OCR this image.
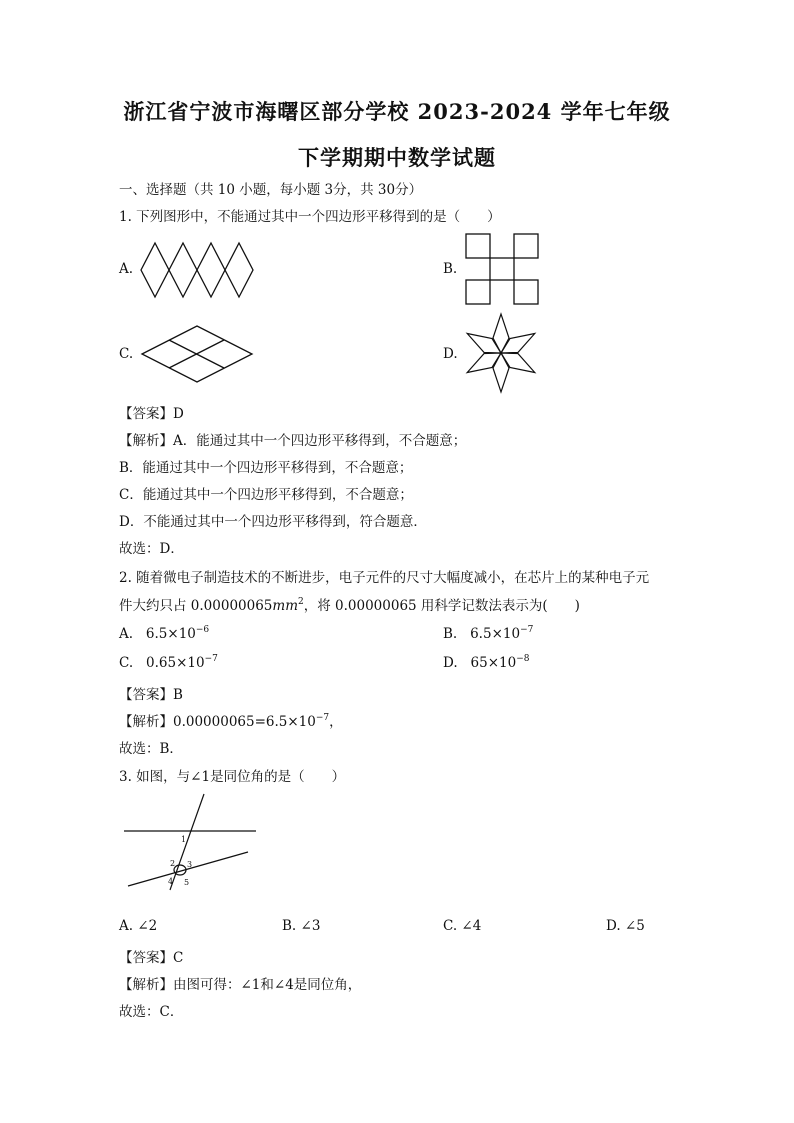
浙江省宁波市海曙区部分学校 2023-2024 学年七年级
下学期期中数学试题
一、选择题（共 10 小题，每小题 3分，共 30分）
1. 下列图形中，不能通过其中一个四边形平移得到的是（　　）
A.	B.
C.	D.
【答案】D
【解析】A．能通过其中一个四边形平移得到，不合题意；
B．能通过其中一个四边形平移得到，不合题意；
C．能通过其中一个四边形平移得到，不合题意；
D．不能通过其中一个四边形平移得到，符合题意．
故选：D．
2. 随着微电子制造技术的不断进步，电子元件的尺寸大幅度减小，在芯片上的某种电子元
件大约只占 $0.00000065mm^2$，将 0.00000065 用科学记数法表示为(　　)
A. $6.5\times 10^{-6}$	B. $6.5\times 10^{-7}$
C. $0.65\times 10^{-7}$	D. $65\times 10^{-8}$
【答案】B
【解析】$0.00000065=6.5\times 10^{-7}$，
故选：B．
3. 如图，与∠1是同位角的是（　　）
1
2 3
4 5
A. ∠2	B. ∠3	C. ∠4	D. ∠5
【答案】C
【解析】由图可得：∠1和∠4是同位角，
故选：C．
